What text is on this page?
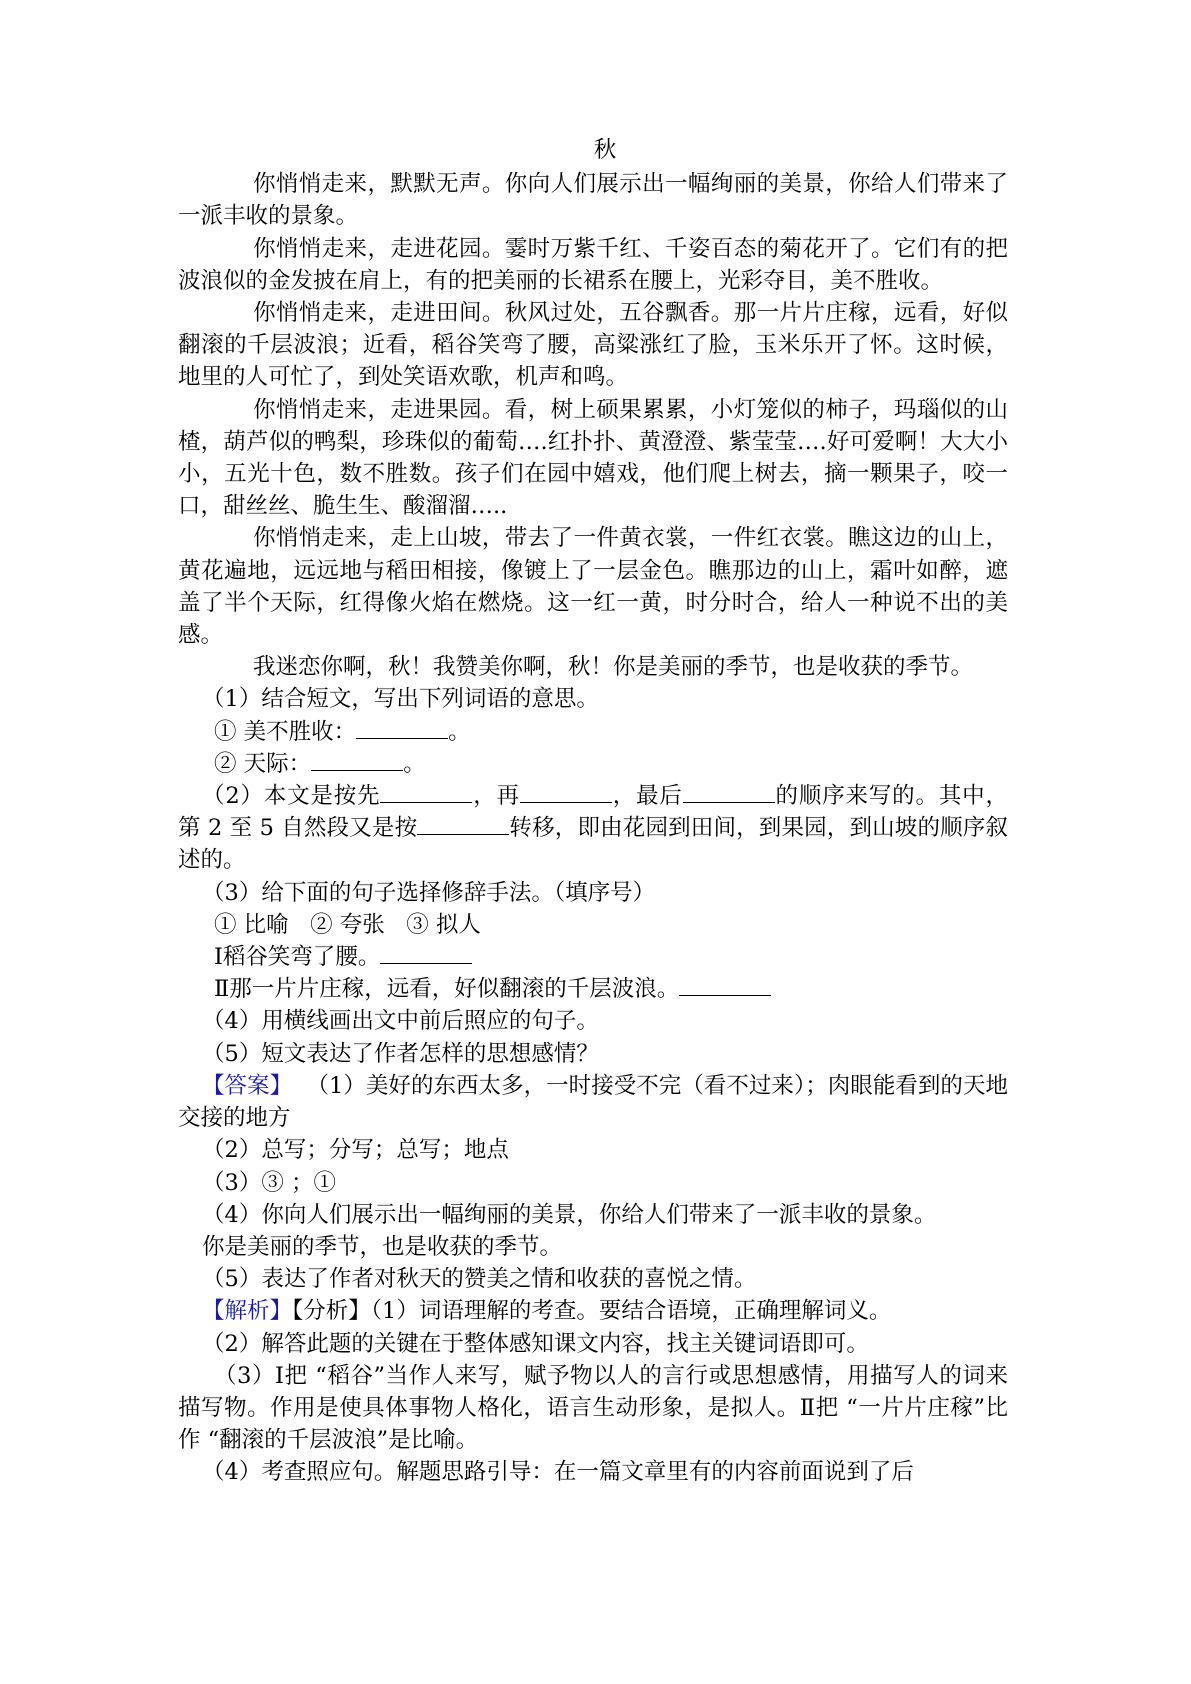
秋

你悄悄走来，默默无声。你向人们展示出一幅绚丽的美景，你给人们带来了一派丰收的景象。

你悄悄走来，走进花园。霎时万紫千红、千姿百态的菊花开了。它们有的把波浪似的金发披在肩上，有的把美丽的长裙系在腰上，光彩夺目，美不胜收。

你悄悄走来，走进田间。秋风过处，五谷飘香。那一片片庄稼，远看，好似翻滚的千层波浪；近看，稻谷笑弯了腰，高粱涨红了脸，玉米乐开了怀。这时候，地里的人可忙了，到处笑语欢歌，机声和鸣。

你悄悄走来，走进果园。看，树上硕果累累，小灯笼似的柿子，玛瑙似的山楂，葫芦似的鸭梨，珍珠似的葡萄….红扑扑、黄澄澄、紫莹莹….好可爱啊！大大小小，五光十色，数不胜数。孩子们在园中嬉戏，他们爬上树去，摘一颗果子，咬一口，甜丝丝、脆生生、酸溜溜…..

你悄悄走来，走上山坡，带去了一件黄衣裳，一件红衣裳。瞧这边的山上，黄花遍地，远远地与稻田相接，像镀上了一层金色。瞧那边的山上，霜叶如醉，遮盖了半个天际，红得像火焰在燃烧。这一红一黄，时分时合，给人一种说不出的美感。

我迷恋你啊，秋！我赞美你啊，秋！你是美丽的季节，也是收获的季节。

（1）结合短文，写出下列词语的意思。

① 美不胜收：	。

② 天际：	。

（2）本文是按先	，再	，最后	的顺序来写的。其中，第 2 至 5 自然段又是按	转移，即由花园到田间，到果园，到山坡的顺序叙述的。

（3）给下面的句子选择修辞手法。（填序号）

① 比喻   ② 夸张   ③ 拟人

Ⅰ稻谷笑弯了腰。

Ⅱ那一片片庄稼，远看，好似翻滚的千层波浪。

（4）用横线画出文中前后照应的句子。

（5）短文表达了作者怎样的思想感情？

【答案】 （1）美好的东西太多，一时接受不完（看不过来）；肉眼能看到的天地交接的地方

（2）总写；分写；总写；地点

（3）③ ；①

（4）你向人们展示出一幅绚丽的美景，你给人们带来了一派丰收的景象。

你是美丽的季节，也是收获的季节。

（5）表达了作者对秋天的赞美之情和收获的喜悦之情。

【解析】【分析】（1）词语理解的考查。要结合语境，正确理解词义。

（2）解答此题的关键在于整体感知课文内容，找主关键词语即可。

（3）Ⅰ把 “稻谷”当作人来写，赋予物以人的言行或思想感情，用描写人的词来描写物。作用是使具体事物人格化，语言生动形象，是拟人。Ⅱ把 “一片片庄稼”比作 “翻滚的千层波浪”是比喻。

（4）考查照应句。解题思路引导：在一篇文章里有的内容前面说到了后
